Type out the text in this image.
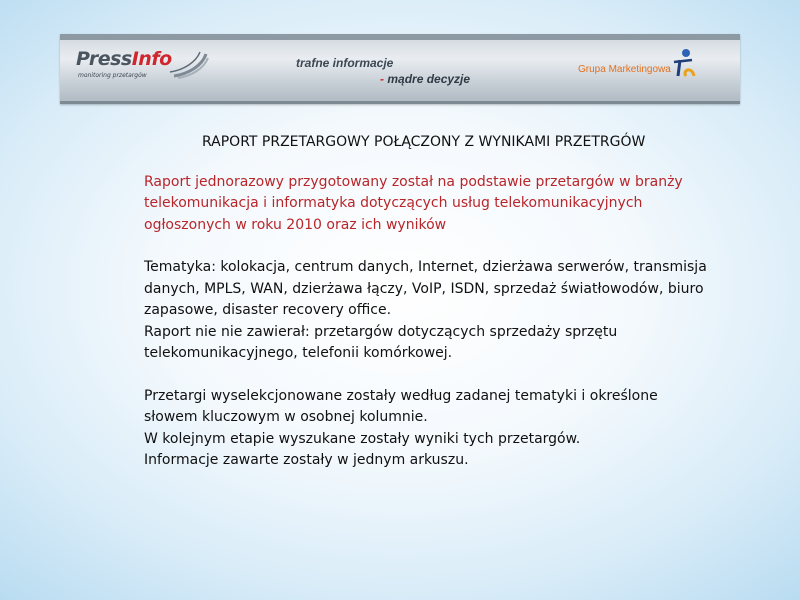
PressInfo
monitoring przetargów
trafne informacje
- mądre decyzje
Grupa Marketingowa
RAPORT PRZETARGOWY POŁĄCZONY Z WYNIKAMI PRZETRGÓW
Raport jednorazowy przygotowany został na podstawie przetargów w branży
telekomunikacja i informatyka dotyczących usług telekomunikacyjnych
ogłoszonych w roku 2010 oraz ich wyników
Tematyka: kolokacja, centrum danych, Internet, dzierżawa serwerów, transmisja
danych, MPLS, WAN, dzierżawa łączy, VoIP, ISDN, sprzedaż światłowodów, biuro
zapasowe, disaster recovery office.
Raport nie nie zawierał: przetargów dotyczących sprzedaży sprzętu
telekomunikacyjnego, telefonii komórkowej.
Przetargi wyselekcjonowane zostały według zadanej tematyki i określone
słowem kluczowym w osobnej kolumnie.
W kolejnym etapie wyszukane zostały wyniki tych przetargów.
Informacje zawarte zostały w jednym arkuszu.
